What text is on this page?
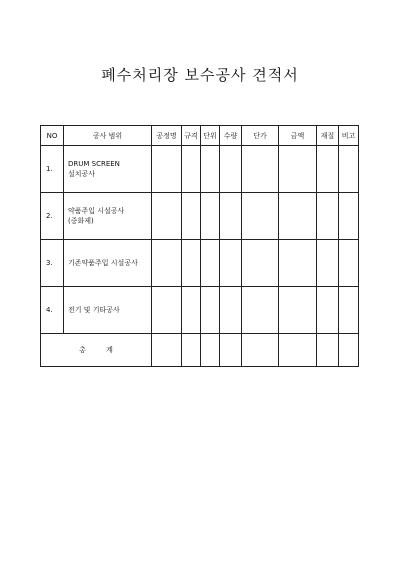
폐수처리장 보수공사 견적서
NO	공사 범위	공정명	규격	단위	수량	단가	금액	재질	비고
1.	DRUM SCREEN
설치공사								

2.	약품주입 시설공사
(중화제)								

3.	기존약품주입 시설공사								

4.	전기 및 기타공사								

총 계									
